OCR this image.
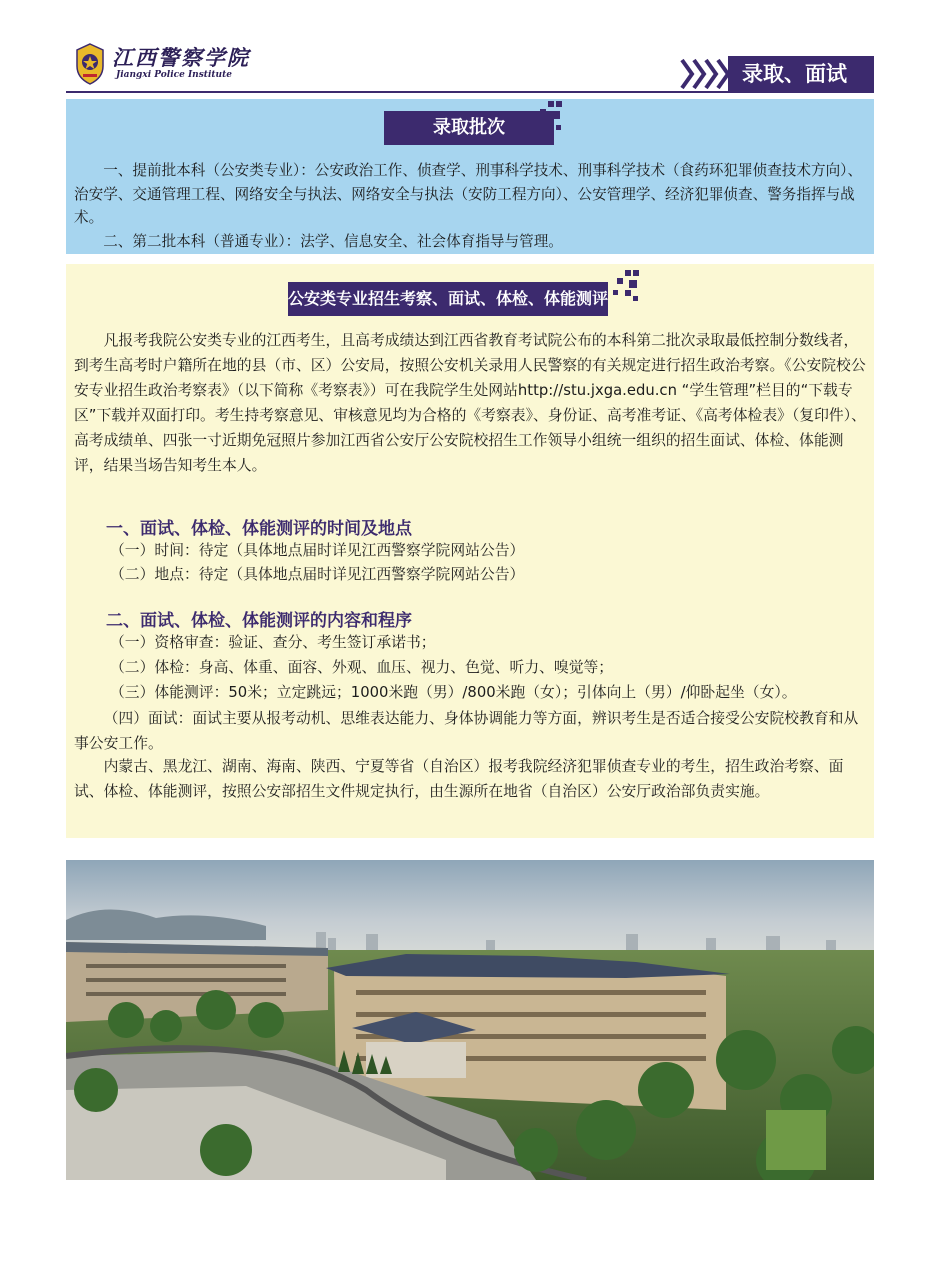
江西警察学院
Jiangxi Police Institute	录取、面试
录取批次

一、提前批本科（公安类专业）：公安政治工作、侦查学、刑事科学技术、刑事科学技术（食药环犯罪侦查技术方向）、治安学、交通管理工程、网络安全与执法、网络安全与执法（安防工程方向）、公安管理学、经济犯罪侦查、警务指挥与战术。

二、第二批本科（普通专业）：法学、信息安全、社会体育指导与管理。

公安类专业招生考察、面试、体检、体能测评

凡报考我院公安类专业的江西考生，且高考成绩达到江西省教育考试院公布的本科第二批次录取最低控制分数线者，到考生高考时户籍所在地的县（市、区）公安局，按照公安机关录用人民警察的有关规定进行招生政治考察。《公安院校公安专业招生政治考察表》（以下简称《考察表》）可在我院学生处网站http://stu.jxga.edu.cn “学生管理”栏目的“下载专区”下载并双面打印。考生持考察意见、审核意见均为合格的《考察表》、身份证、高考准考证、《高考体检表》（复印件）、高考成绩单、四张一寸近期免冠照片参加江西省公安厅公安院校招生工作领导小组统一组织的招生面试、体检、体能测评，结果当场告知考生本人。

一、面试、体检、体能测评的时间及地点

（一）时间：待定（具体地点届时详见江西警察学院网站公告）

（二）地点：待定（具体地点届时详见江西警察学院网站公告）

二、面试、体检、体能测评的内容和程序

（一）资格审查：验证、查分、考生签订承诺书；

（二）体检：身高、体重、面容、外观、血压、视力、色觉、听力、嗅觉等；

（三）体能测评：50米；立定跳远；1000米跑（男）/800米跑（女）；引体向上（男）/仰卧起坐（女）。

（四）面试：面试主要从报考动机、思维表达能力、身体协调能力等方面，辨识考生是否适合接受公安院校教育和从事公安工作。

内蒙古、黑龙江、湖南、海南、陕西、宁夏等省（自治区）报考我院经济犯罪侦查专业的考生，招生政治考察、面试、体检、体能测评，按照公安部招生文件规定执行，由生源所在地省（自治区）公安厅政治部负责实施。
